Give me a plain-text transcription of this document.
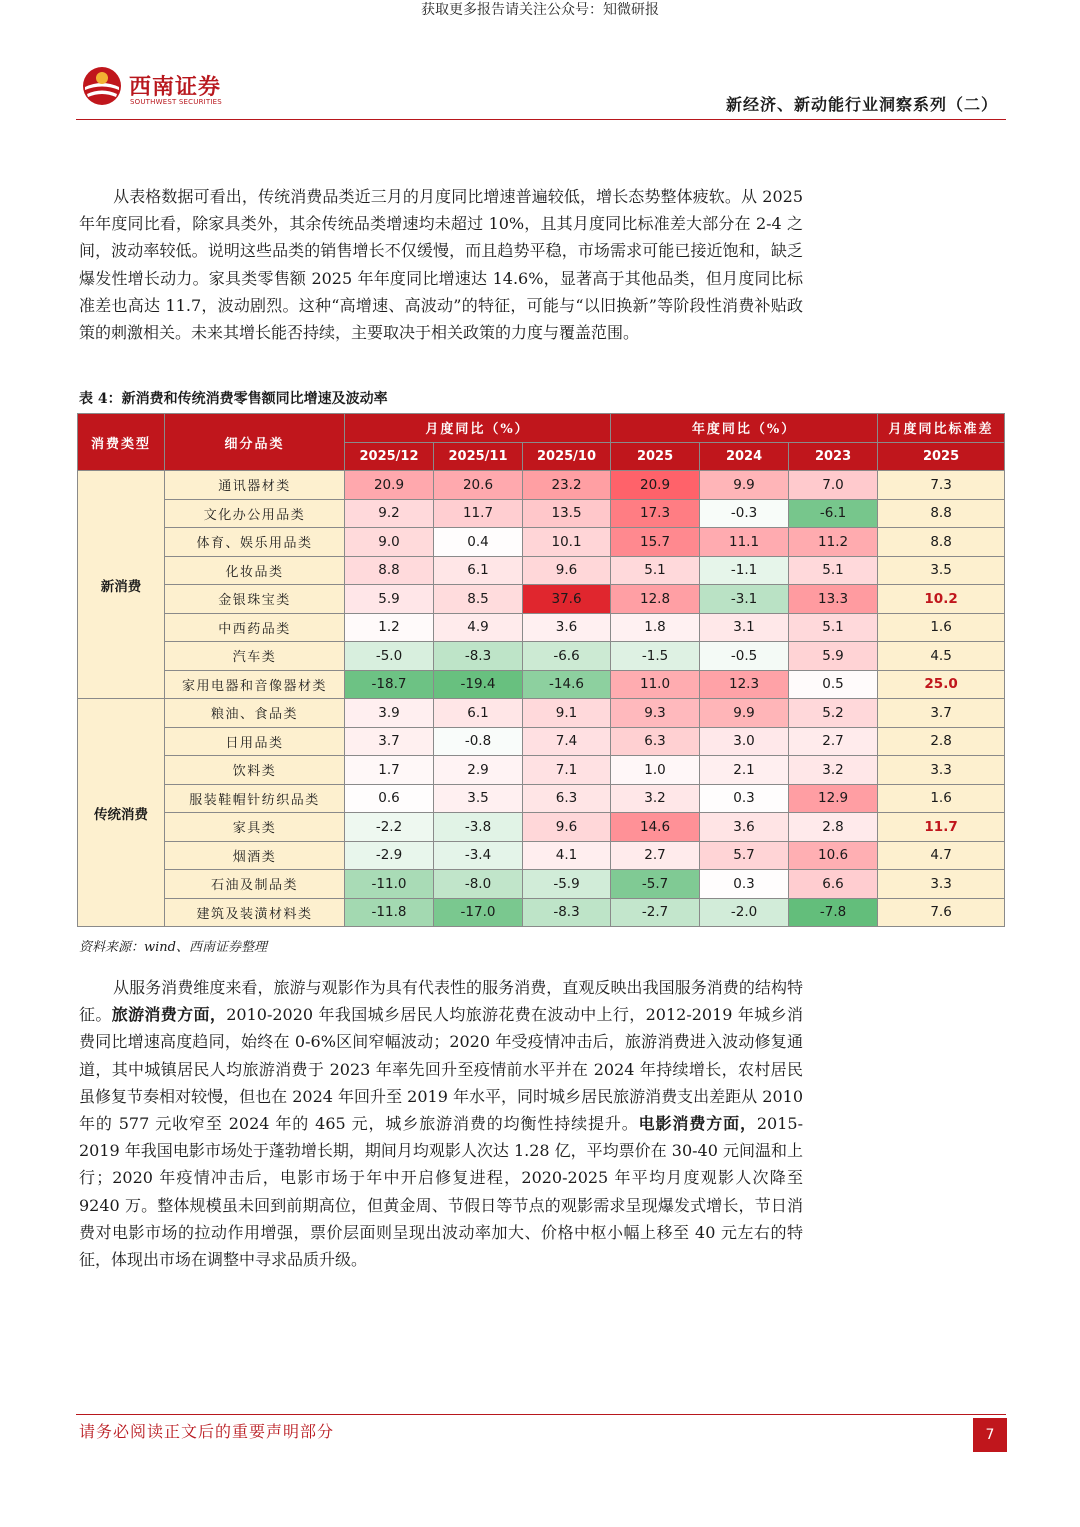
获取更多报告请关注公众号：知微研报
西南证券
SOUTHWEST SECURITIES	新经济、新动能行业洞察系列（二）

从表格数据可看出，传统消费品类近三月的月度同比增速普遍较低，增长态势整体疲软。从 2025 年年度同比看，除家具类外，其余传统品类增速均未超过 10%，且其月度同比标准差大部分在 2-4 之间，波动率较低。说明这些品类的销售增长不仅缓慢，而且趋势平稳，市场需求可能已接近饱和，缺乏爆发性增长动力。家具类零售额 2025 年年度同比增速达 14.6%，显著高于其他品类，但月度同比标准差也高达 11.7，波动剧烈。这种“高增速、高波动”的特征，可能与“以旧换新”等阶段性消费补贴政策的刺激相关。未来其增长能否持续，主要取决于相关政策的力度与覆盖范围。

表 4：新消费和传统消费零售额同比增速及波动率
消费类型	细分品类	月度同比（%）			年度同比（%）			月度同比标准差
		2025/12	2025/11	2025/10	2025	2024	2023	2025
新消费	通讯器材类	20.9	20.6	23.2	20.9	9.9	7.0	7.3
	文化办公用品类	9.2	11.7	13.5	17.3	-0.3	-6.1	8.8
	体育、娱乐用品类	9.0	0.4	10.1	15.7	11.1	11.2	8.8
	化妆品类	8.8	6.1	9.6	5.1	-1.1	5.1	3.5
	金银珠宝类	5.9	8.5	37.6	12.8	-3.1	13.3	10.2
	中西药品类	1.2	4.9	3.6	1.8	3.1	5.1	1.6
	汽车类	-5.0	-8.3	-6.6	-1.5	-0.5	5.9	4.5
	家用电器和音像器材类	-18.7	-19.4	-14.6	11.0	12.3	0.5	25.0
传统消费	粮油、食品类	3.9	6.1	9.1	9.3	9.9	5.2	3.7
	日用品类	3.7	-0.8	7.4	6.3	3.0	2.7	2.8
	饮料类	1.7	2.9	7.1	1.0	2.1	3.2	3.3
	服装鞋帽针纺织品类	0.6	3.5	6.3	3.2	0.3	12.9	1.6
	家具类	-2.2	-3.8	9.6	14.6	3.6	2.8	11.7
	烟酒类	-2.9	-3.4	4.1	2.7	5.7	10.6	4.7
	石油及制品类	-11.0	-8.0	-5.9	-5.7	0.3	6.6	3.3
	建筑及装潢材料类	-11.8	-17.0	-8.3	-2.7	-2.0	-7.8	7.6
资料来源：wind、西南证券整理

从服务消费维度来看，旅游与观影作为具有代表性的服务消费，直观反映出我国服务消费的结构特征。旅游消费方面，2010-2020 年我国城乡居民人均旅游花费在波动中上行，2012-2019 年城乡消费同比增速高度趋同，始终在 0-6%区间窄幅波动；2020 年受疫情冲击后，旅游消费进入波动修复通道，其中城镇居民人均旅游消费于 2023 年率先回升至疫情前水平并在 2024 年持续增长，农村居民虽修复节奏相对较慢，但也在 2024 年回升至 2019 年水平，同时城乡居民旅游消费支出差距从 2010 年的 577 元收窄至 2024 年的 465 元，城乡旅游消费的均衡性持续提升。电影消费方面，2015-2019 年我国电影市场处于蓬勃增长期，期间月均观影人次达 1.28 亿，平均票价在 30-40 元间温和上行；2020 年疫情冲击后，电影市场于年中开启修复进程，2020-2025 年平均月度观影人次降至 9240 万。整体规模虽未回到前期高位，但黄金周、节假日等节点的观影需求呈现爆发式增长，节日消费对电影市场的拉动作用增强，票价层面则呈现出波动率加大、价格中枢小幅上移至 40 元左右的特征，体现出市场在调整中寻求品质升级。

请务必阅读正文后的重要声明部分	7
